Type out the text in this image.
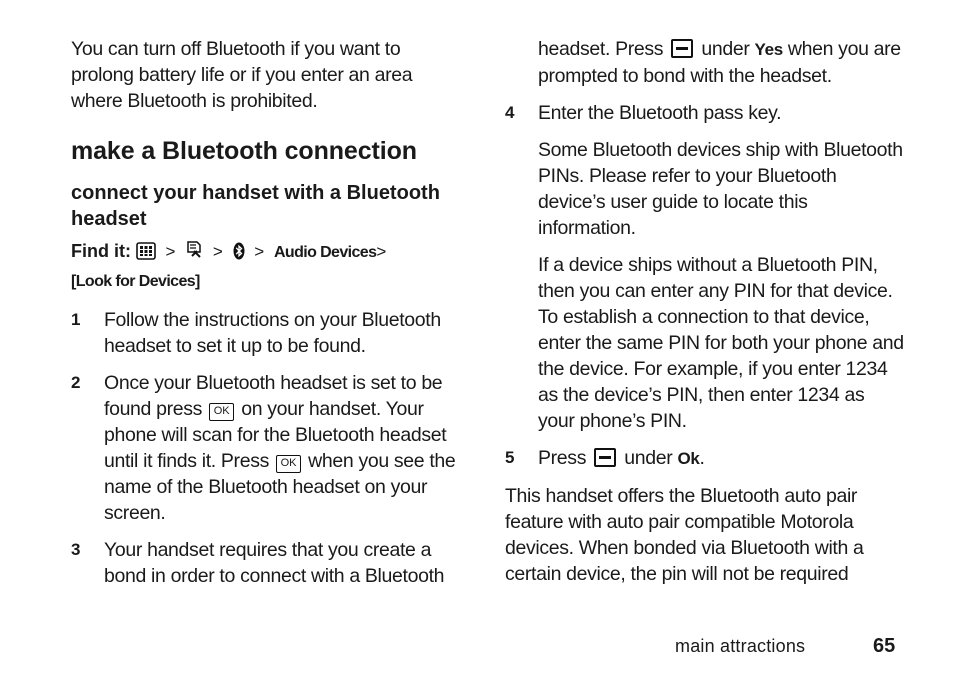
You can turn off Bluetooth if you want to prolong battery life or if you enter an area where Bluetooth is prohibited.

make a Bluetooth connection
connect your handset with a Bluetooth headset
Find it: > > > Audio Devices>
[Look for Devices]
1 Follow the instructions on your Bluetooth headset to set it up to be found.
2 Once your Bluetooth headset is set to be found press OK on your handset. Your phone will scan for the Bluetooth headset until it finds it. Press OK when you see the name of the Bluetooth headset on your screen.
3 Your handset requires that you create a bond in order to connect with a Bluetooth

headset. Press under Yes when you are prompted to bond with the headset.

4 Enter the Bluetooth pass key.

Some Bluetooth devices ship with Bluetooth PINs. Please refer to your Bluetooth device’s user guide to locate this information.

If a device ships without a Bluetooth PIN, then you can enter any PIN for that device. To establish a connection to that device, enter the same PIN for both your phone and the device. For example, if you enter 1234 as the device’s PIN, then enter 1234 as your phone’s PIN.

5 Press under Ok.

This handset offers the Bluetooth auto pair feature with auto pair compatible Motorola devices. When bonded via Bluetooth with a certain device, the pin will not be required

main attractions	65
